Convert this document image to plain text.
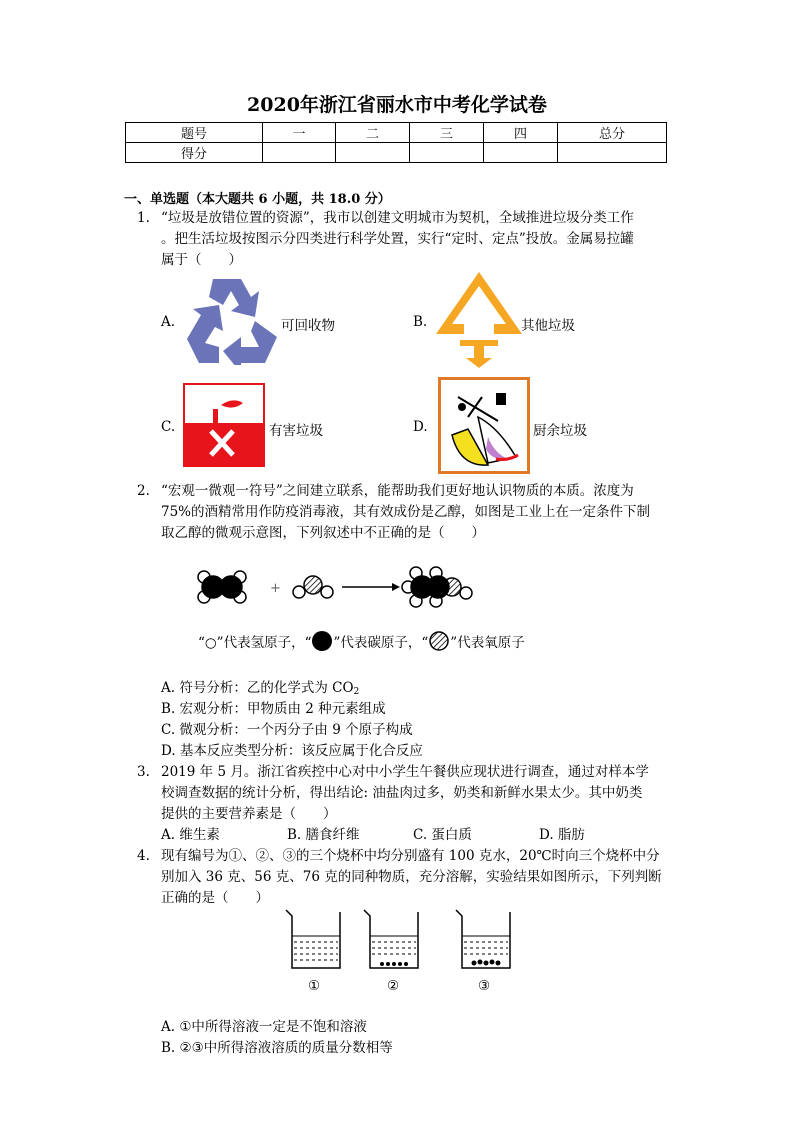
2020年浙江省丽水市中考化学试卷
题号	一	二	三	四	总分
得分					
一、单选题（本大题共 6 小题，共 18.0 分）
1. “垃圾是放错位置的资源”，我市以创建文明城市为契机，全域推进垃圾分类工作
。把生活垃圾按图示分四类进行科学处置，实行“定时、定点”投放。金属易拉罐
属于（　　）
A.	可回收物	B.	其他垃圾
C.	有害垃圾	D.	厨余垃圾
2. “宏观一微观一符号”之间建立联系，能帮助我们更好地认识物质的本质。浓度为
75%的酒精常用作防疫消毒液，其有效成份是乙醇，如图是工业上在一定条件下制
取乙醇的微观示意图，下列叙述中不正确的是（　　）
+
“○”代表氢原子，“ ”代表碳原子，“ ”代表氧原子
A. 符号分析：乙的化学式为 $CO_2$
B. 宏观分析：甲物质由 2 种元素组成
C. 微观分析：一个丙分子由 9 个原子构成
D. 基本反应类型分析：该反应属于化合反应
3. 2019 年 5 月。浙江省疾控中心对中小学生午餐供应现状进行调查，通过对样本学
校调查数据的统计分析，得出结论: 油盐肉过多，奶类和新鲜水果太少。其中奶类
提供的主要营养素是（　　）
A. 维生素	B. 膳食纤维	C. 蛋白质	D. 脂肪
4. 现有编号为①、②、③的三个烧杯中均分别盛有 100 克水，20℃时向三个烧杯中分
别加入 36 克、56 克、76 克的同种物质，充分溶解，实验结果如图所示，下列判断
正确的是（　　）
①	②	③
A. ①中所得溶液一定是不饱和溶液
B. ②③中所得溶液溶质的质量分数相等
